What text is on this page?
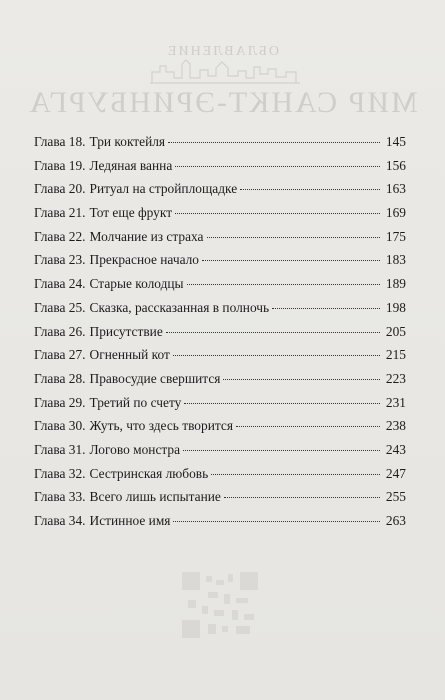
ОБЛАВЛЕНИЕ
МИР САНКТ-ЭРИНБУРГА
Глава 18. Три коктейля	145
Глава 19. Ледяная ванна	156
Глава 20. Ритуал на стройплощадке	163
Глава 21. Тот еще фрукт	169
Глава 22. Молчание из страха	175
Глава 23. Прекрасное начало	183
Глава 24. Старые колодцы	189
Глава 25. Сказка, рассказанная в полночь	198
Глава 26. Присутствие	205
Глава 27. Огненный кот	215
Глава 28. Правосудие свершится	223
Глава 29. Третий по счету	231
Глава 30. Жуть, что здесь творится	238
Глава 31. Логово монстра	243
Глава 32. Сестринская любовь	247
Глава 33. Всего лишь испытание	255
Глава 34. Истинное имя	263
